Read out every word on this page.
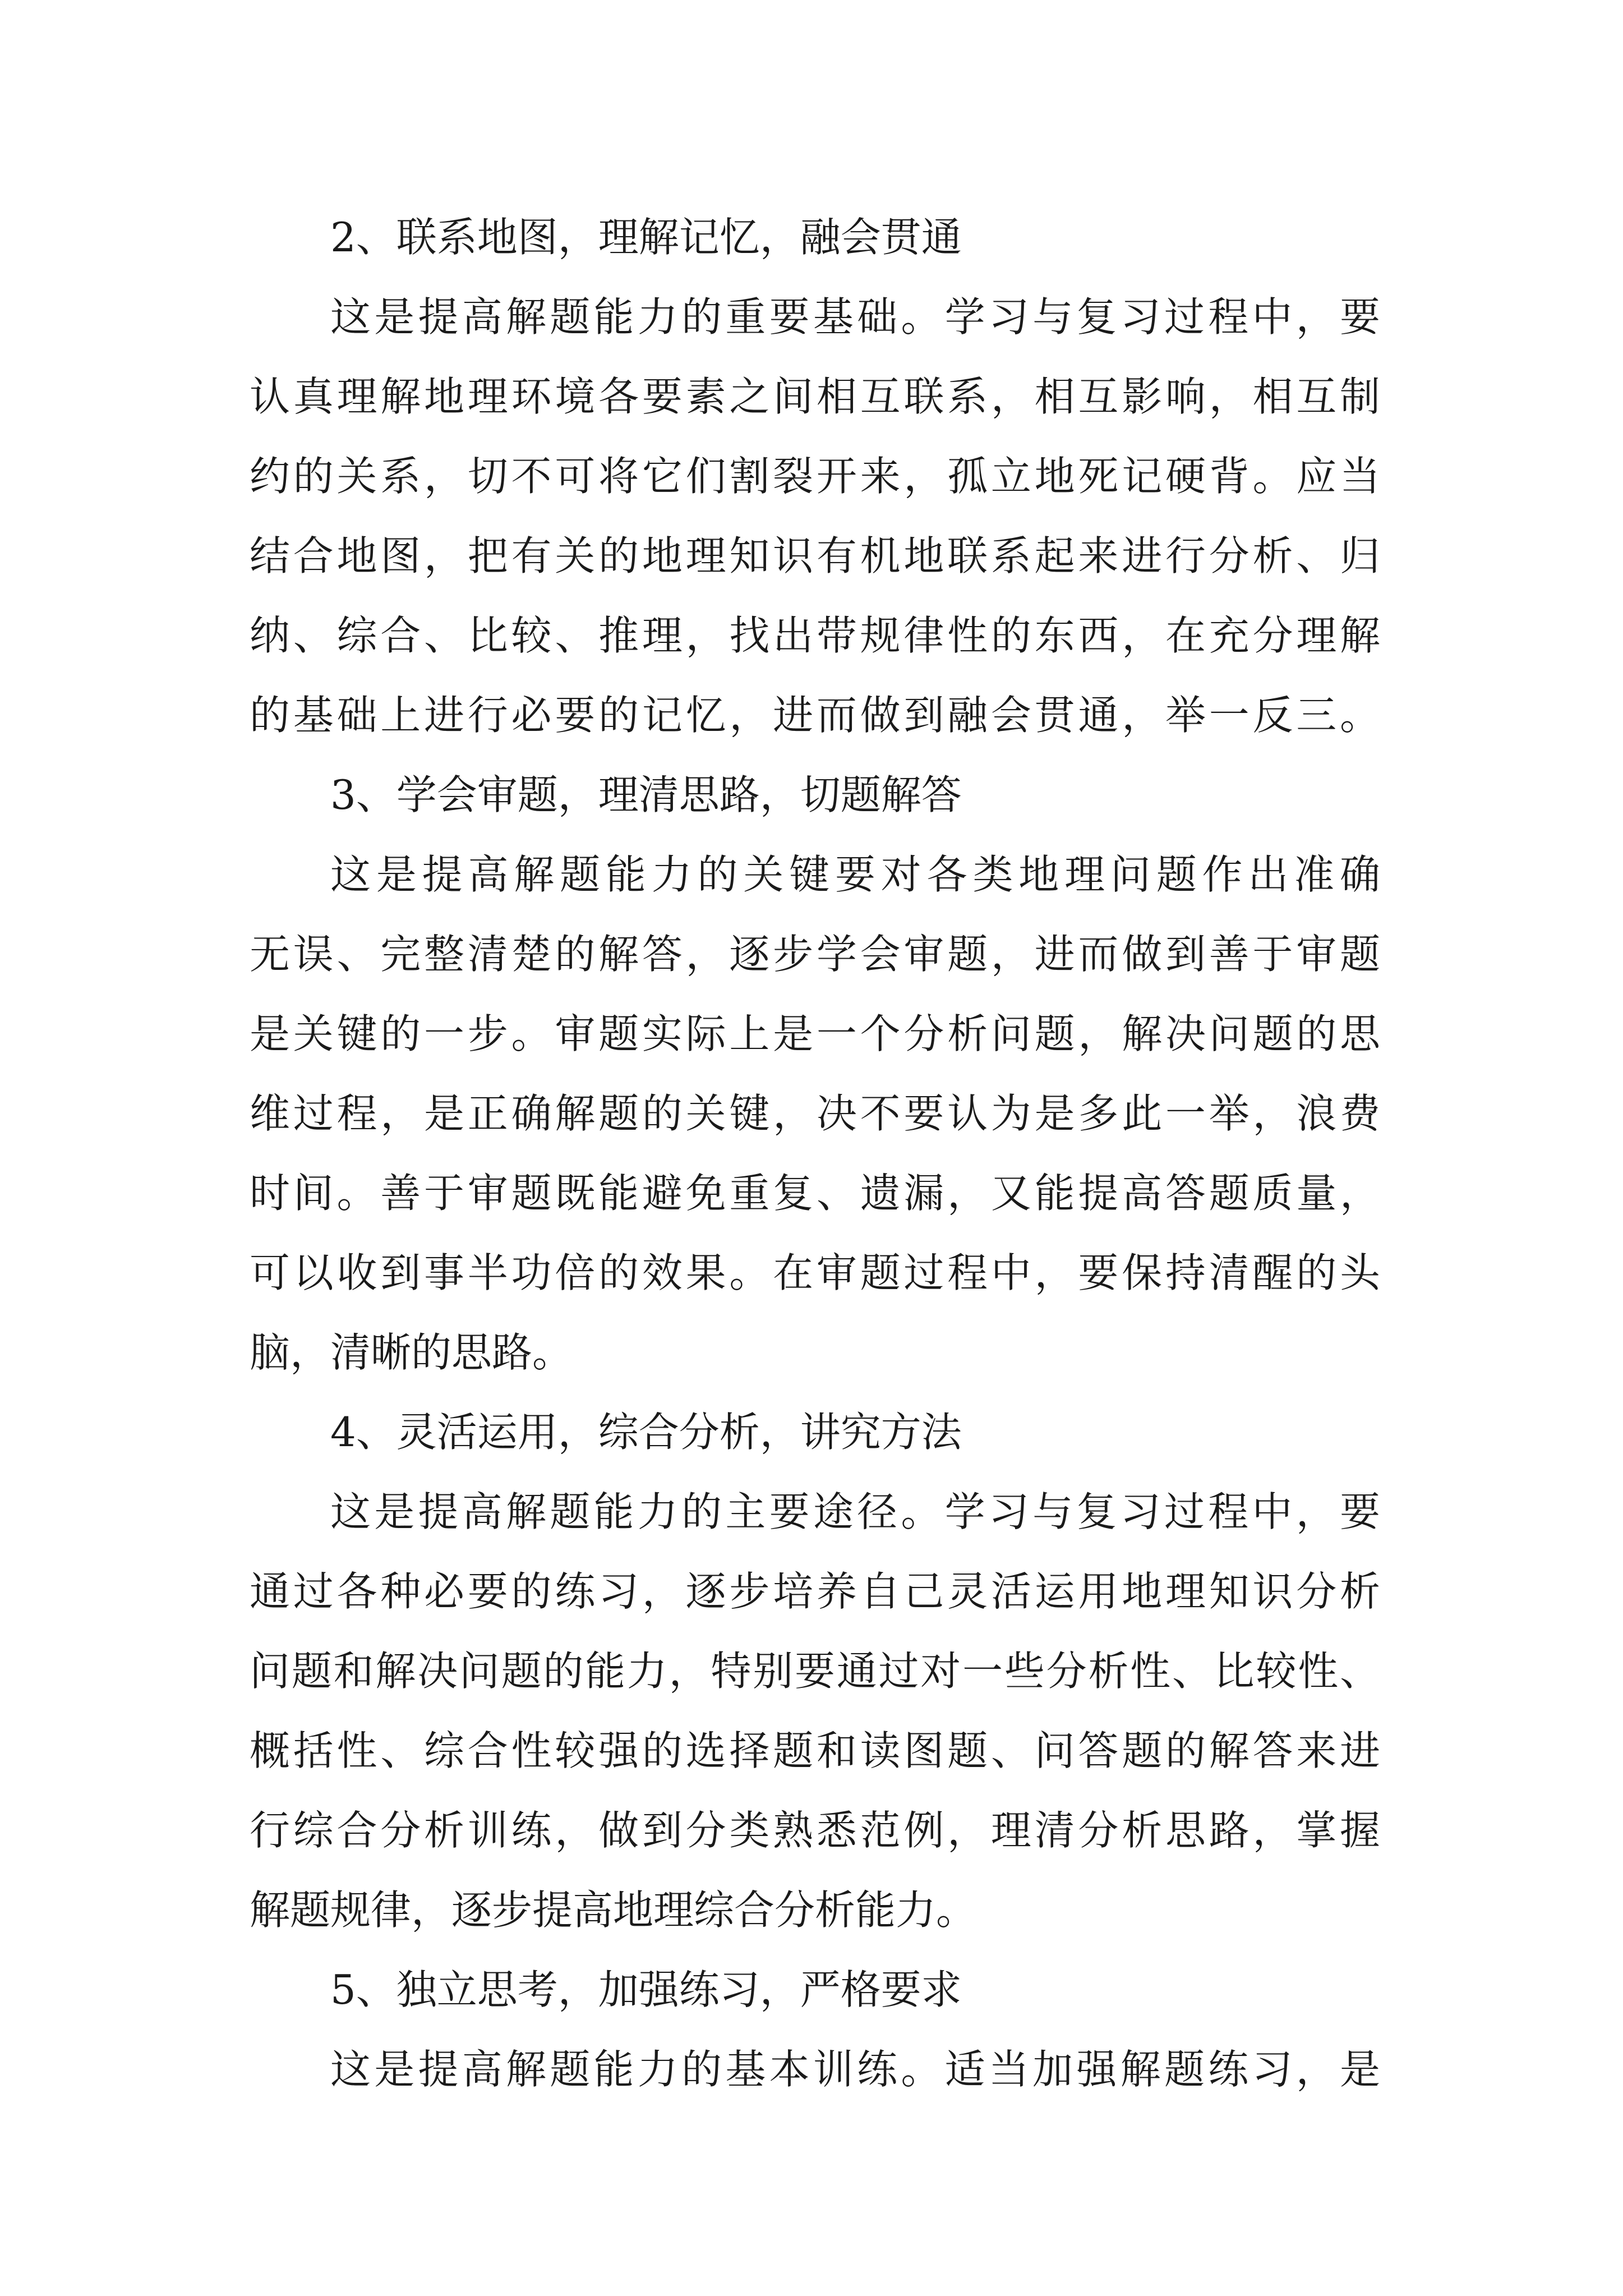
2、联系地图，理解记忆，融会贯通
这是提高解题能力的重要基础。学习与复习过程中，要
认真理解地理环境各要素之间相互联系，相互影响，相互制
约的关系，切不可将它们割裂开来，孤立地死记硬背。应当
结合地图，把有关的地理知识有机地联系起来进行分析、归
纳、综合、比较、推理，找出带规律性的东西，在充分理解
的基础上进行必要的记忆，进而做到融会贯通，举一反三。
3、学会审题，理清思路，切题解答
这是提高解题能力的关键要对各类地理问题作出准确
无误、完整清楚的解答，逐步学会审题，进而做到善于审题
是关键的一步。审题实际上是一个分析问题，解决问题的思
维过程，是正确解题的关键，决不要认为是多此一举，浪费
时间。善于审题既能避免重复、遗漏，又能提高答题质量，
可以收到事半功倍的效果。在审题过程中，要保持清醒的头
脑，清晰的思路。
4、灵活运用，综合分析，讲究方法
这是提高解题能力的主要途径。学习与复习过程中，要
通过各种必要的练习，逐步培养自己灵活运用地理知识分析
问题和解决问题的能力，特别要通过对一些分析性、比较性、
概括性、综合性较强的选择题和读图题、问答题的解答来进
行综合分析训练，做到分类熟悉范例，理清分析思路，掌握
解题规律，逐步提高地理综合分析能力。
5、独立思考，加强练习，严格要求
这是提高解题能力的基本训练。适当加强解题练习，是
